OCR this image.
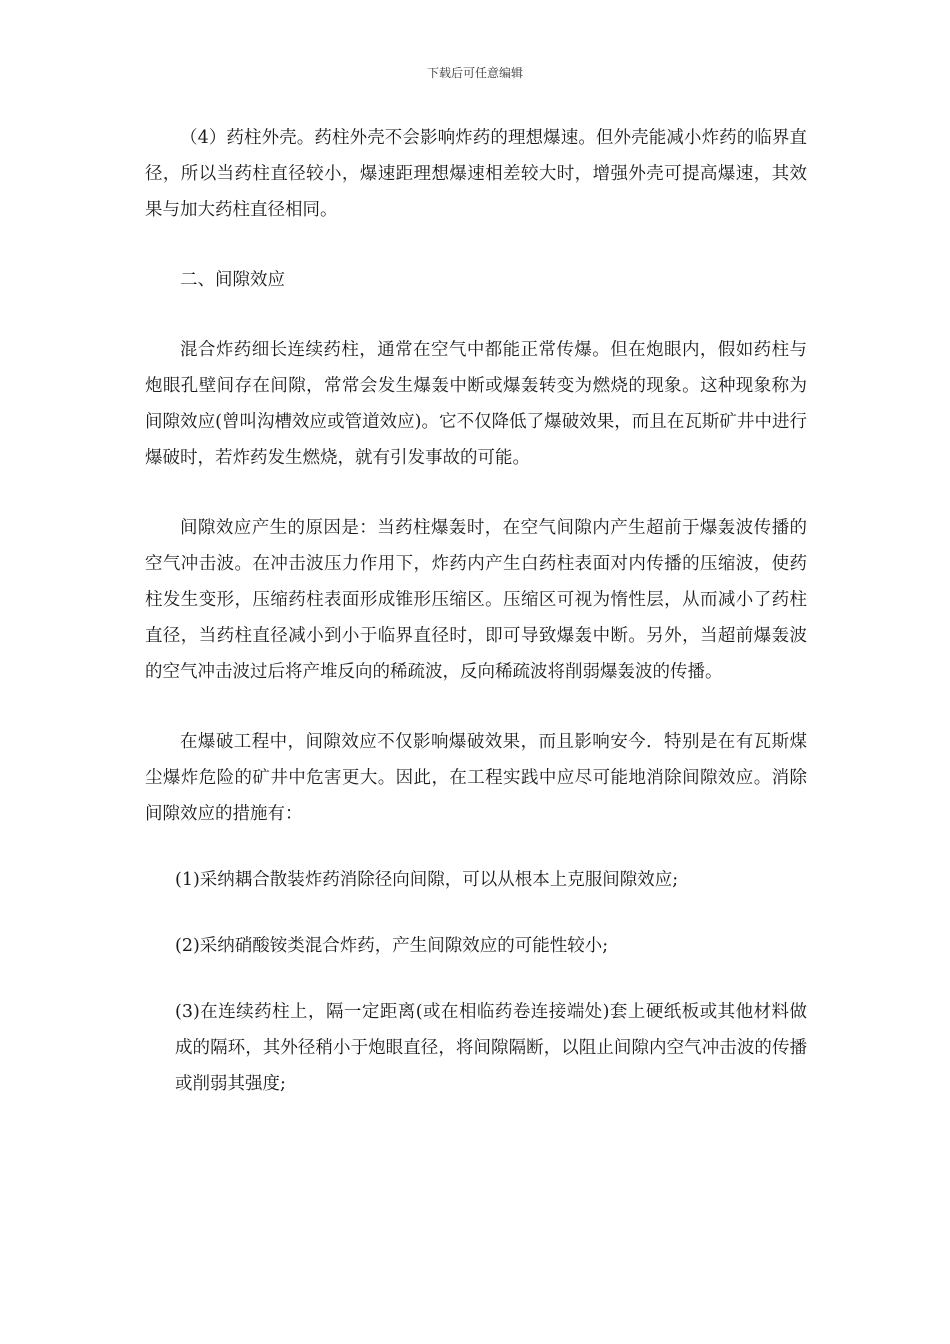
下载后可任意编辑

（4）药柱外壳。药柱外壳不会影响炸药的理想爆速。但外壳能减小炸药的临界直径，所以当药柱直径较小，爆速距理想爆速相差较大时，增强外壳可提高爆速，其效果与加大药柱直径相同。

二、间隙效应

混合炸药细长连续药柱，通常在空气中都能正常传爆。但在炮眼内，假如药柱与炮眼孔壁间存在间隙，常常会发生爆轰中断或爆轰转变为燃烧的现象。这种现象称为间隙效应(曾叫沟槽效应或管道效应)。它不仅降低了爆破效果，而且在瓦斯矿井中进行爆破时，若炸药发生燃烧，就有引发事故的可能。

间隙效应产生的原因是：当药柱爆轰时，在空气间隙内产生超前于爆轰波传播的空气冲击波。在冲击波压力作用下，炸药内产生白药柱表面对内传播的压缩波，使药柱发生变形，压缩药柱表面形成锥形压缩区。压缩区可视为惰性层，从而减小了药柱直径，当药柱直径减小到小于临界直径时，即可导致爆轰中断。另外，当超前爆轰波的空气冲击波过后将产堆反向的稀疏波，反向稀疏波将削弱爆轰波的传播。

在爆破工程中，间隙效应不仅影响爆破效果，而且影响安今．特别是在有瓦斯煤尘爆炸危险的矿井中危害更大。因此，在工程实践中应尽可能地消除间隙效应。消除间隙效应的措施有：

(1)采纳耦合散装炸药消除径向间隙，可以从根本上克服间隙效应;

(2)采纳硝酸铵类混合炸药，产生间隙效应的可能性较小;

(3)在连续药柱上，隔一定距离(或在相临药卷连接端处)套上硬纸板或其他材料做成的隔环，其外径稍小于炮眼直径，将间隙隔断，以阻止间隙内空气冲击波的传播或削弱其强度;
